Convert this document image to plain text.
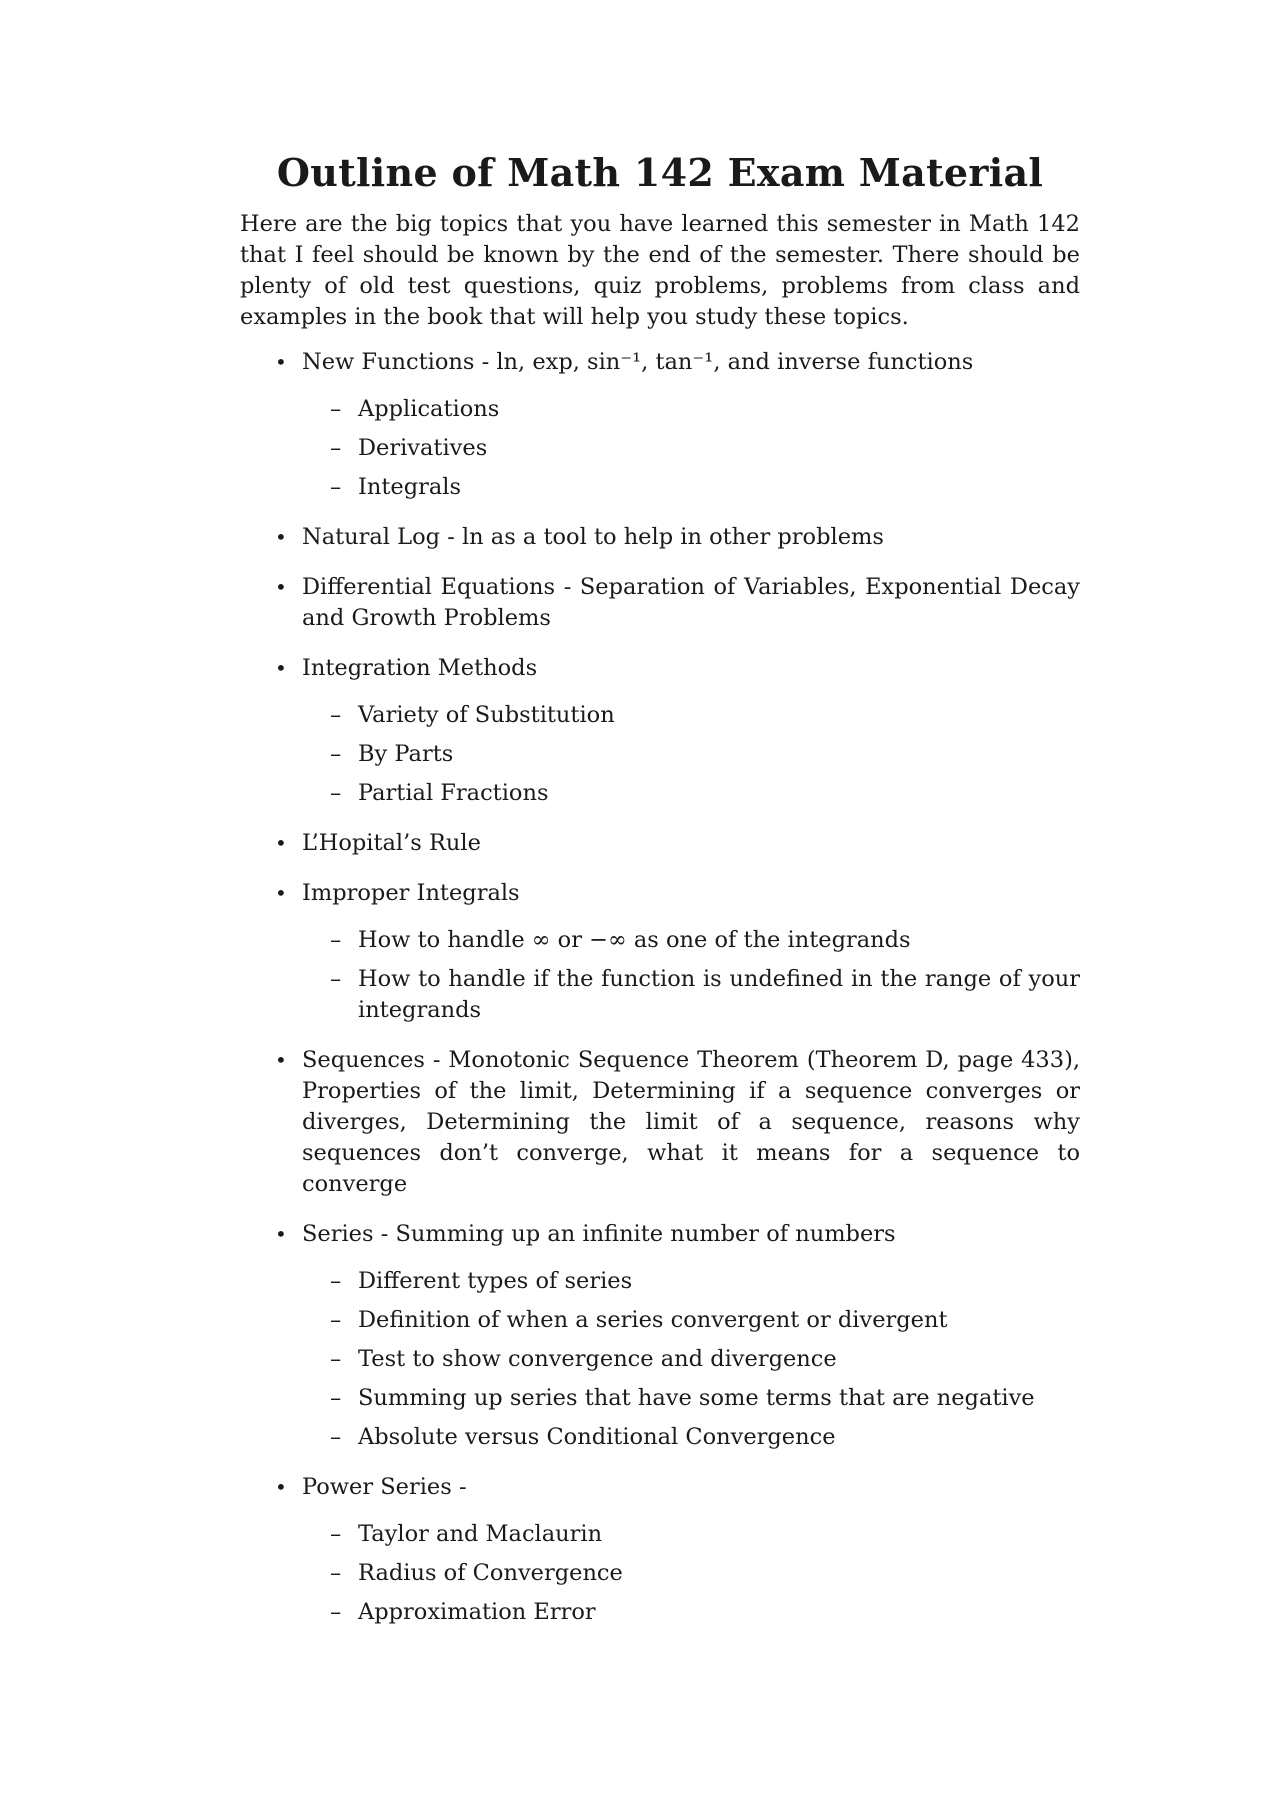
Outline of Math 142 Exam Material

Here are the big topics that you have learned this semester in Math 142 that I feel should be known by the end of the semester. There should be plenty of old test questions, quiz problems, problems from class and examples in the book that will help you study these topics.

• New Functions - ln, exp, sin⁻¹, tan⁻¹, and inverse functions
– Applications
– Derivatives
– Integrals
• Natural Log - ln as a tool to help in other problems
• Differential Equations - Separation of Variables, Exponential Decay and Growth Problems
• Integration Methods
– Variety of Substitution
– By Parts
– Partial Fractions
• L’Hopital’s Rule
• Improper Integrals
– How to handle ∞ or −∞ as one of the integrands
– How to handle if the function is undefined in the range of your integrands
• Sequences - Monotonic Sequence Theorem (Theorem D, page 433), Properties of the limit, Determining if a sequence converges or diverges, Determining the limit of a sequence, reasons why sequences don’t converge, what it means for a sequence to converge
• Series - Summing up an infinite number of numbers
– Different types of series
– Definition of when a series convergent or divergent
– Test to show convergence and divergence
– Summing up series that have some terms that are negative
– Absolute versus Conditional Convergence
• Power Series -
– Taylor and Maclaurin
– Radius of Convergence
– Approximation Error
